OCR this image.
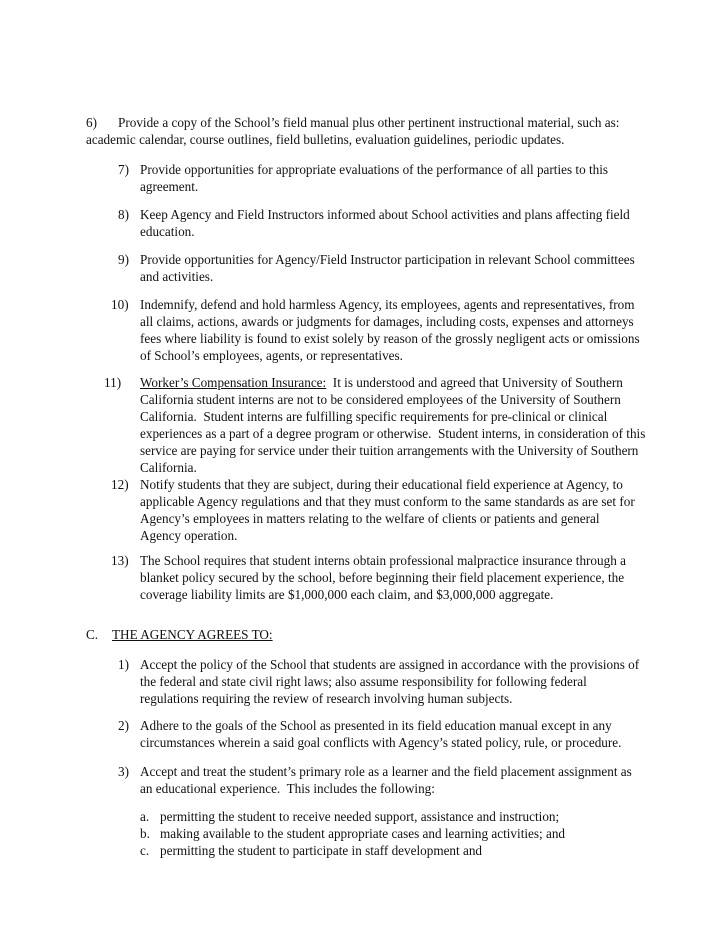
6) Provide a copy of the School’s field manual plus other pertinent instructional material, such as:
academic calendar, course outlines, field bulletins, evaluation guidelines, periodic updates.
7) Provide opportunities for appropriate evaluations of the performance of all parties to this
agreement.
8) Keep Agency and Field Instructors informed about School activities and plans affecting field
education.
9) Provide opportunities for Agency/Field Instructor participation in relevant School committees
and activities.
10) Indemnify, defend and hold harmless Agency, its employees, agents and representatives, from
all claims, actions, awards or judgments for damages, including costs, expenses and attorneys
fees where liability is found to exist solely by reason of the grossly negligent acts or omissions
of School’s employees, agents, or representatives.
11) Worker’s Compensation Insurance:  It is understood and agreed that University of Southern
California student interns are not to be considered employees of the University of Southern
California.  Student interns are fulfilling specific requirements for pre-clinical or clinical
experiences as a part of a degree program or otherwise.  Student interns, in consideration of this
service are paying for service under their tuition arrangements with the University of Southern
California.
12) Notify students that they are subject, during their educational field experience at Agency, to
applicable Agency regulations and that they must conform to the same standards as are set for
Agency’s employees in matters relating to the welfare of clients or patients and general
Agency operation.
13) The School requires that student interns obtain professional malpractice insurance through a
blanket policy secured by the school, before beginning their field placement experience, the
coverage liability limits are $1,000,000 each claim, and $3,000,000 aggregate.
C. THE AGENCY AGREES TO:
1) Accept the policy of the School that students are assigned in accordance with the provisions of
the federal and state civil right laws; also assume responsibility for following federal
regulations requiring the review of research involving human subjects.
2) Adhere to the goals of the School as presented in its field education manual except in any
circumstances wherein a said goal conflicts with Agency’s stated policy, rule, or procedure.
3) Accept and treat the student’s primary role as a learner and the field placement assignment as
an educational experience.  This includes the following:
a. permitting the student to receive needed support, assistance and instruction;
b. making available to the student appropriate cases and learning activities; and
c. permitting the student to participate in staff development and
